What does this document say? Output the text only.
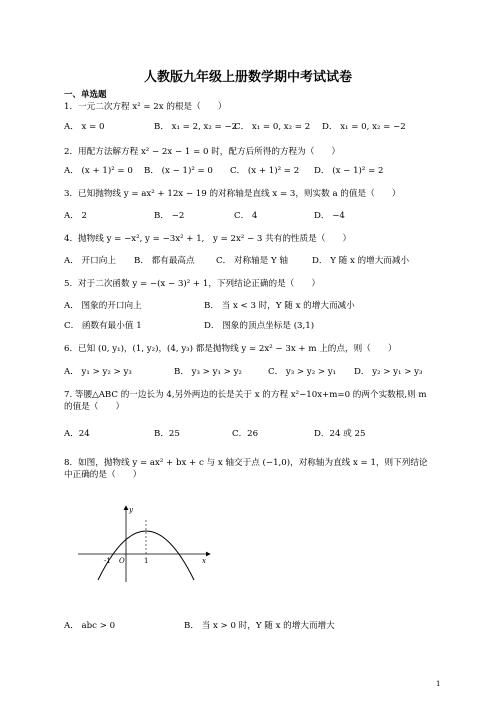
人教版九年级上册数学期中考试试卷
一、单选题
1．一元二次方程 x² = 2x 的根是（　　）
A． x = 0	B． x₁ = 2, x₂ = −2
C． x₁ = 0, x₂ = 2 D． x₁ = 0, x₂ = −2
2．用配方法解方程 x² − 2x − 1 = 0 时，配方后所得的方程为（　　）
A． (x + 1)² = 0 B． (x − 1)² = 0 C． (x + 1)² = 2 D． (x − 1)² = 2
3．已知抛物线 y = ax² + 12x − 19 的对称轴是直线 x = 3，则实数 a 的值是（　　）
A． 2	B． −2	C． 4	D． −4
4．抛物线 y = −x², y = −3x² + 1,　y = 2x² − 3 共有的性质是（　　）
A． 开口向上 B． 都有最高点 C． 对称轴是 Y 轴	D． Y 随 x 的增大而减小
5．对于二次函数 y = −(x − 3)² + 1，下列结论正确的是（　　）
A． 图象的开口向上	B． 当 x < 3 时，Y 随 x 的增大而减小
C． 函数有最小值 1	D． 图象的顶点坐标是 (3,1)
6．已知 (0, y₁)，(1, y₂)，(4, y₃) 都是抛物线 y = 2x² − 3x + m 上的点，则（　　）
A． y₁ > y₂ > y₃	B． y₃ > y₁ > y₂	C． y₃ > y₂ > y₁ D． y₂ > y₁ > y₃
7. 等腰△ABC 的一边长为 4,另外两边的长是关于 x 的方程 x²−10x+m=0 的两个实数根,则 m 的值是（　　）
A．24	B．25	C．26	D．24 或 25
8．如图，抛物线 y = ax² + bx + c 与 x 轴交于点 (−1,0)，对称轴为直线 x = 1，则下列结论中正确的是（　　）
y
x
O
-1	1
A． abc > 0	B． 当 x > 0 时，Y 随 x 的增大而增大
1
